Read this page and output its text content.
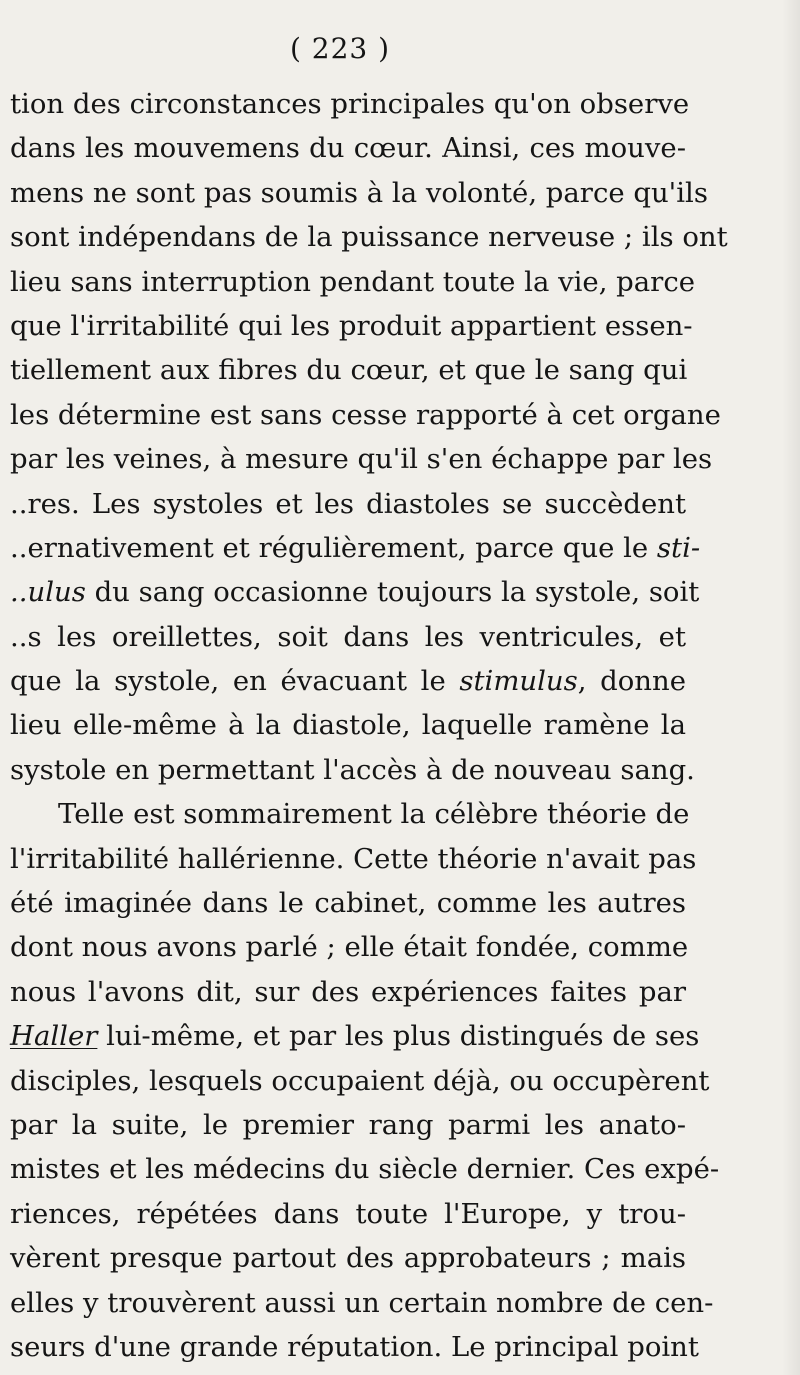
( 223 )
tion des circonstances principales qu'on observe
dans les mouvemens du cœur. Ainsi, ces mouve-
mens ne sont pas soumis à la volonté, parce qu'ils
sont indépendans de la puissance nerveuse ; ils ont
lieu sans interruption pendant toute la vie, parce
que l'irritabilité qui les produit appartient essen-
tiellement aux fibres du cœur, et que le sang qui
les détermine est sans cesse rapporté à cet organe
par les veines, à mesure qu'il s'en échappe par les
..res. Les systoles et les diastoles se succèdent
..ernativement et régulièrement, parce que le sti-
..ulus du sang occasionne toujours la systole, soit
..s les oreillettes, soit dans les ventricules, et
que la systole, en évacuant le stimulus, donne
lieu elle-même à la diastole, laquelle ramène la
systole en permettant l'accès à de nouveau sang.
Telle est sommairement la célèbre théorie de
l'irritabilité hallérienne. Cette théorie n'avait pas
été imaginée dans le cabinet, comme les autres
dont nous avons parlé ; elle était fondée, comme
nous l'avons dit, sur des expériences faites par
Haller lui-même, et par les plus distingués de ses
disciples, lesquels occupaient déjà, ou occupèrent
par la suite, le premier rang parmi les anato-
mistes et les médecins du siècle dernier. Ces expé-
riences, répétées dans toute l'Europe, y trou-
vèrent presque partout des approbateurs ; mais
elles y trouvèrent aussi un certain nombre de cen-
seurs d'une grande réputation. Le principal point
